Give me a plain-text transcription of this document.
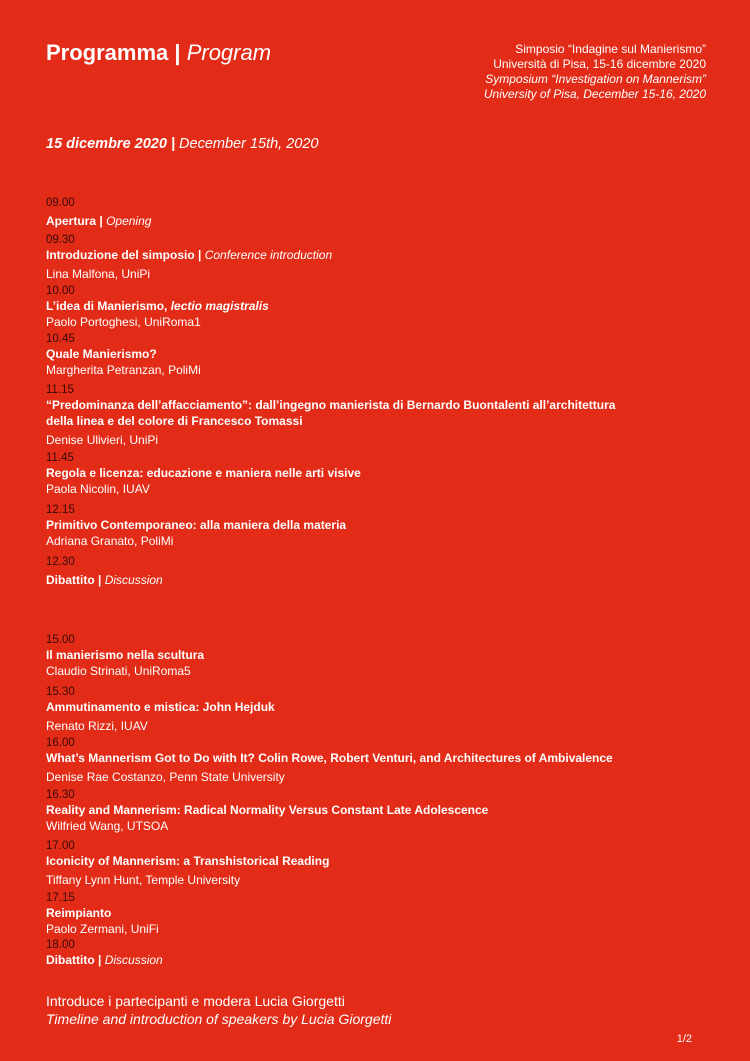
Programma | Program	Simposio “Indagine sul Manierismo”
Università di Pisa, 15-16 dicembre 2020
Symposium “Investigation on Mannerism”
University of Pisa, December 15-16, 2020
15 dicembre 2020 | December 15th, 2020
09.00
Apertura | Opening
09.30
Introduzione del simposio | Conference introduction
Lina Malfona, UniPi
10.00
L’idea di Manierismo, lectio magistralis
Paolo Portoghesi, UniRoma1
10.45
Quale Manierismo?
Margherita Petranzan, PoliMi
11.15
“Predominanza dell’affacciamento”: dall’ingegno manierista di Bernardo Buontalenti all’architettura
della linea e del colore di Francesco Tomassi
Denise Ulivieri, UniPi
11.45
Regola e licenza: educazione e maniera nelle arti visive
Paola Nicolin, IUAV
12.15
Primitivo Contemporaneo: alla maniera della materia
Adriana Granato, PoliMi
12.30
Dibattito | Discussion
15.00
Il manierismo nella scultura
Claudio Strinati, UniRoma5
15.30
Ammutinamento e mistica: John Hejduk
Renato Rizzi, IUAV
16.00
What’s Mannerism Got to Do with It? Colin Rowe, Robert Venturi, and Architectures of Ambivalence
Denise Rae Costanzo, Penn State University
16.30
Reality and Mannerism: Radical Normality Versus Constant Late Adolescence
Wilfried Wang, UTSOA
17.00
Iconicity of Mannerism: a Transhistorical Reading
Tiffany Lynn Hunt, Temple University
17.15
Reimpianto
Paolo Zermani, UniFi
18.00
Dibattito | Discussion
Introduce i partecipanti e modera Lucia Giorgetti
Timeline and introduction of speakers by Lucia Giorgetti
1/2
